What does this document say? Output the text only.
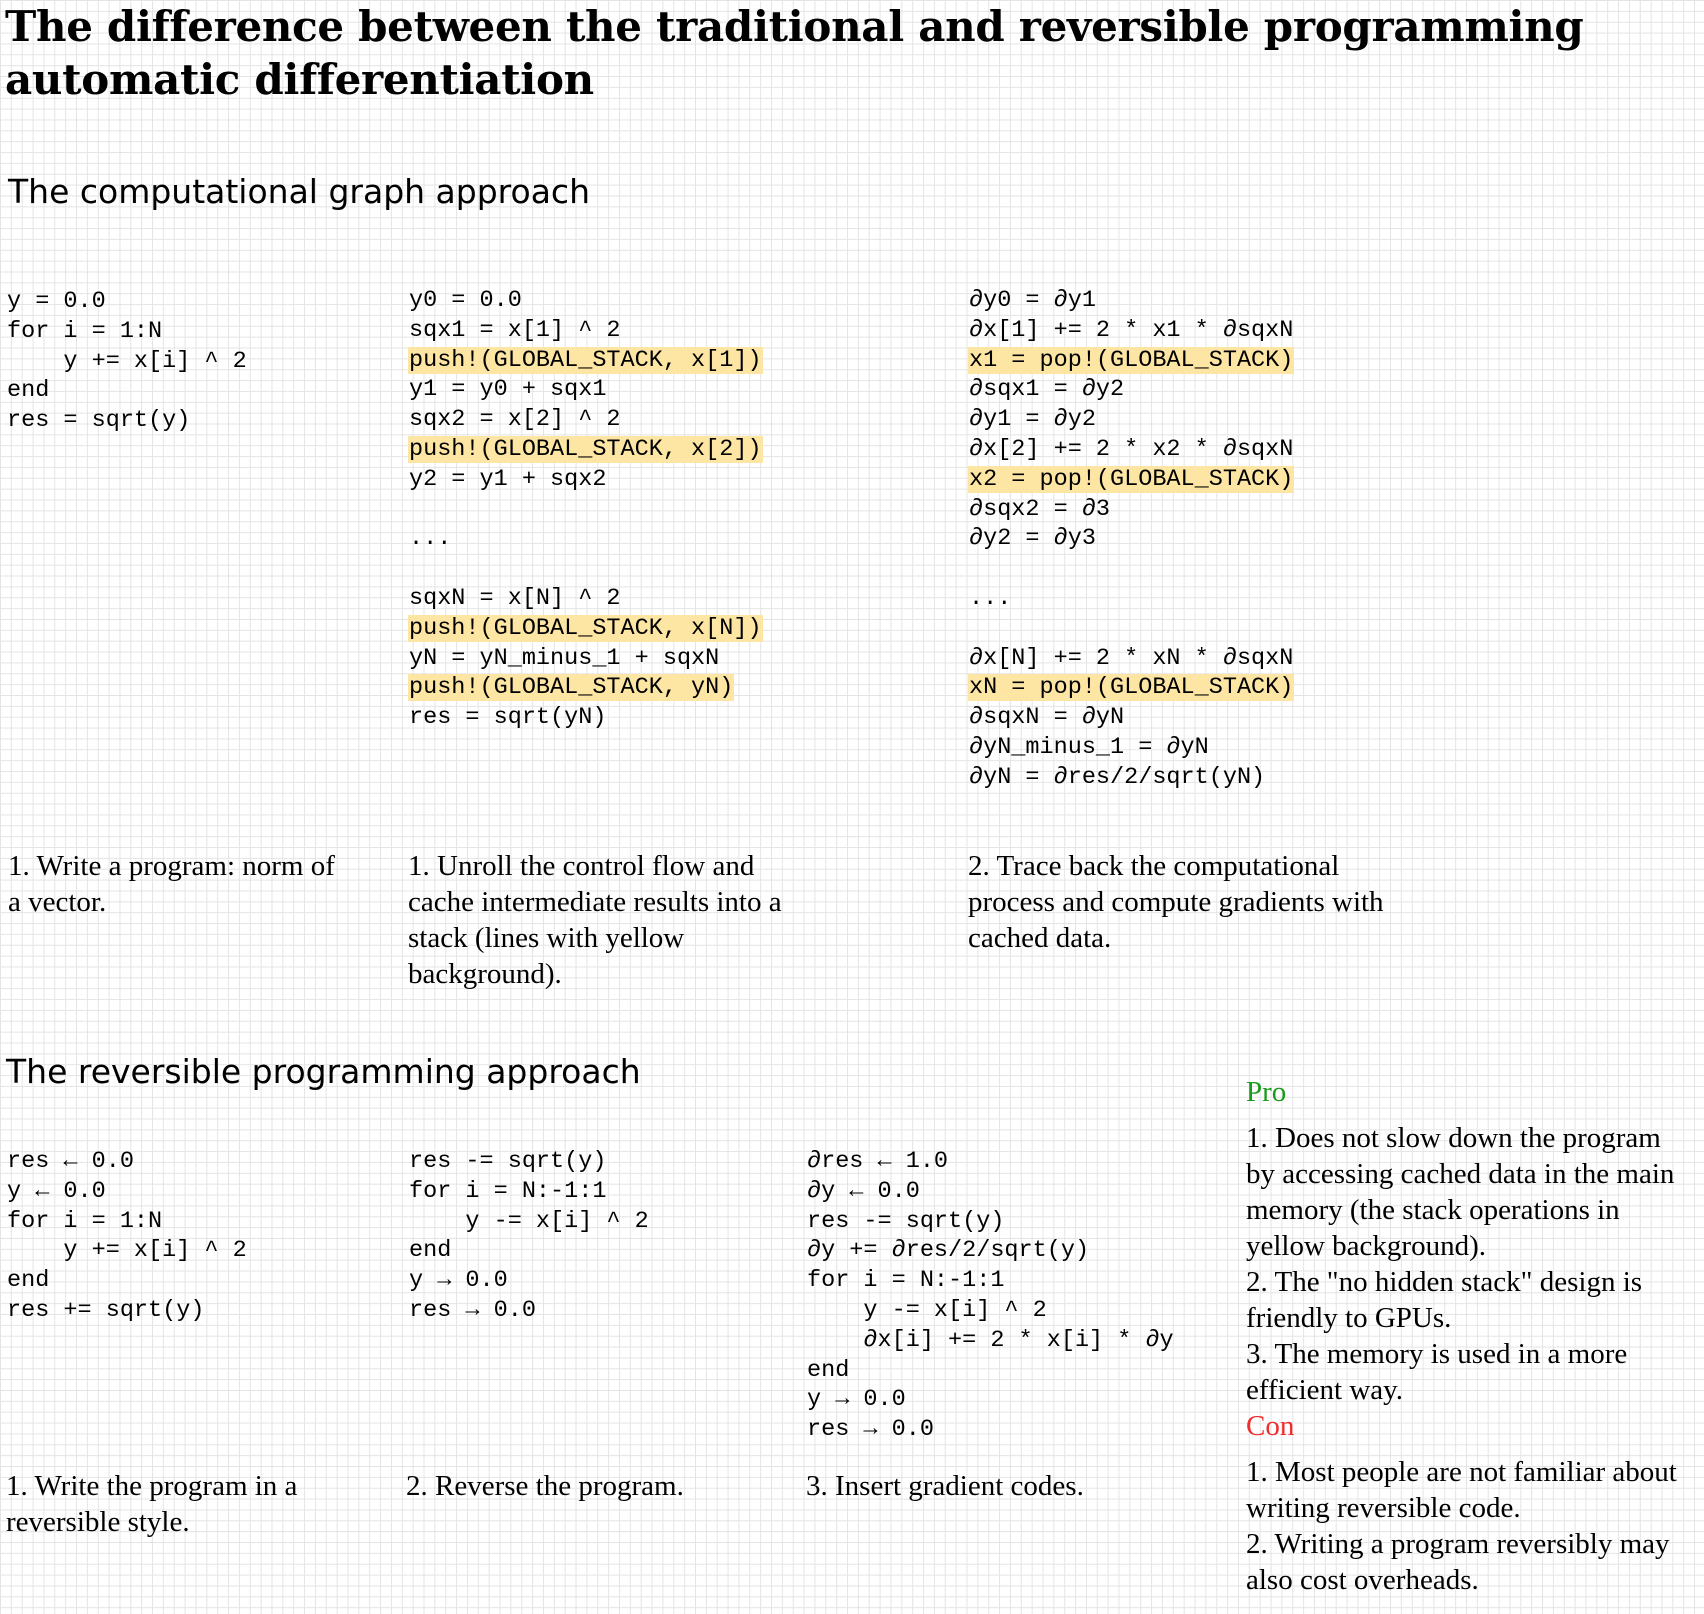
The difference between the traditional and reversible programming automatic differentiation
The computational graph approach
y = 0.0
for i = 1:N
y += x[i] ^ 2
end
res = sqrt(y)
y0 = 0.0
sqx1 = x[1] ^ 2
push!(GLOBAL_STACK, x[1])
y1 = y0 + sqx1
sqx2 = x[2] ^ 2
push!(GLOBAL_STACK, x[2])
y2 = y1 + sqx2
...
sqxN = x[N] ^ 2
push!(GLOBAL_STACK, x[N])
yN = yN_minus_1 + sqxN
push!(GLOBAL_STACK, yN)
res = sqrt(yN)
∂y0 = ∂y1
∂x[1] += 2 * x1 * ∂sqxN
x1 = pop!(GLOBAL_STACK)
∂sqx1 = ∂y2
∂y1 = ∂y2
∂x[2] += 2 * x2 * ∂sqxN
x2 = pop!(GLOBAL_STACK)
∂sqx2 = ∂3
∂y2 = ∂y3
...
∂x[N] += 2 * xN * ∂sqxN
xN = pop!(GLOBAL_STACK)
∂sqxN = ∂yN
∂yN_minus_1 = ∂yN
∂yN = ∂res/2/sqrt(yN)
1. Write a program: norm of a vector.
1. Unroll the control flow and cache intermediate results into a stack (lines with yellow background).
2. Trace back the computational process and compute gradients with cached data.
The reversible programming approach
res ← 0.0
y ← 0.0
for i = 1:N
y += x[i] ^ 2
end
res += sqrt(y)
res -= sqrt(y)
for i = N:-1:1
y -= x[i] ^ 2
end
y → 0.0
res → 0.0
∂res ← 1.0
∂y ← 0.0
res -= sqrt(y)
∂y += ∂res/2/sqrt(y)
for i = N:-1:1
y -= x[i] ^ 2
∂x[i] += 2 * x[i] * ∂y
end
y → 0.0
res → 0.0
1. Write the program in a reversible style.
2. Reverse the program.	3. Insert gradient codes.
Pro
1. Does not slow down the program by accessing cached data in the main memory (the stack operations in yellow background).
2. The "no hidden stack" design is friendly to GPUs.
3. The memory is used in a more efficient way.
Con
1. Most people are not familiar about writing reversible code.
2. Writing a program reversibly may also cost overheads.
